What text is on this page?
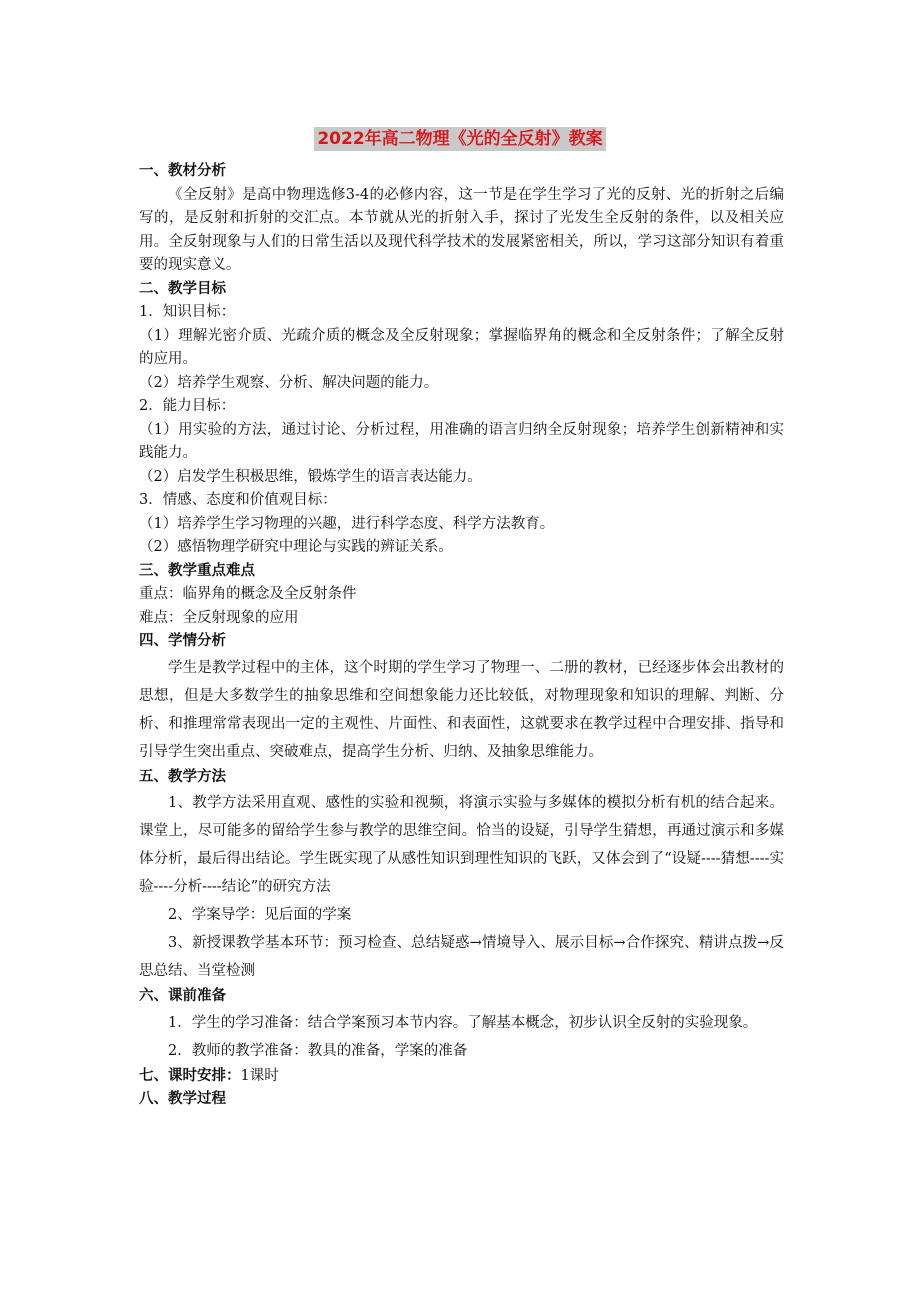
2022年高二物理《光的全反射》教案

一、教材分析

《全反射》是高中物理选修3-4的必修内容，这一节是在学生学习了光的反射、光的折射之后编写的，是反射和折射的交汇点。本节就从光的折射入手，探讨了光发生全反射的条件，以及相关应用。全反射现象与人们的日常生活以及现代科学技术的发展紧密相关，所以，学习这部分知识有着重要的现实意义。

二、教学目标

1．知识目标：

（1）理解光密介质、光疏介质的概念及全反射现象；掌握临界角的概念和全反射条件；了解全反射的应用。

（2）培养学生观察、分析、解决问题的能力。

2．能力目标：

（1）用实验的方法，通过讨论、分析过程，用准确的语言归纳全反射现象；培养学生创新精神和实践能力。

（2）启发学生积极思维，锻炼学生的语言表达能力。

3．情感、态度和价值观目标：

（1）培养学生学习物理的兴趣，进行科学态度、科学方法教育。

（2）感悟物理学研究中理论与实践的辨证关系。

三、教学重点难点

重点：临界角的概念及全反射条件

难点：全反射现象的应用

四、学情分析

学生是教学过程中的主体，这个时期的学生学习了物理一、二册的教材，已经逐步体会出教材的思想，但是大多数学生的抽象思维和空间想象能力还比较低，对物理现象和知识的理解、判断、分析、和推理常常表现出一定的主观性、片面性、和表面性，这就要求在教学过程中合理安排、指导和引导学生突出重点、突破难点，提高学生分析、归纳、及抽象思维能力。

五、教学方法

1、教学方法采用直观、感性的实验和视频，将演示实验与多媒体的模拟分析有机的结合起来。课堂上，尽可能多的留给学生参与教学的思维空间。恰当的设疑，引导学生猜想，再通过演示和多媒体分析，最后得出结论。学生既实现了从感性知识到理性知识的飞跃，又体会到了“设疑----猜想----实验----分析----结论”的研究方法

2、学案导学：见后面的学案

3、新授课教学基本环节：预习检查、总结疑惑→情境导入、展示目标→合作探究、精讲点拨→反思总结、当堂检测

六、课前准备

1．学生的学习准备：结合学案预习本节内容。了解基本概念，初步认识全反射的实验现象。

2．教师的教学准备：教具的准备，学案的准备

七、课时安排：1课时

八、教学过程
